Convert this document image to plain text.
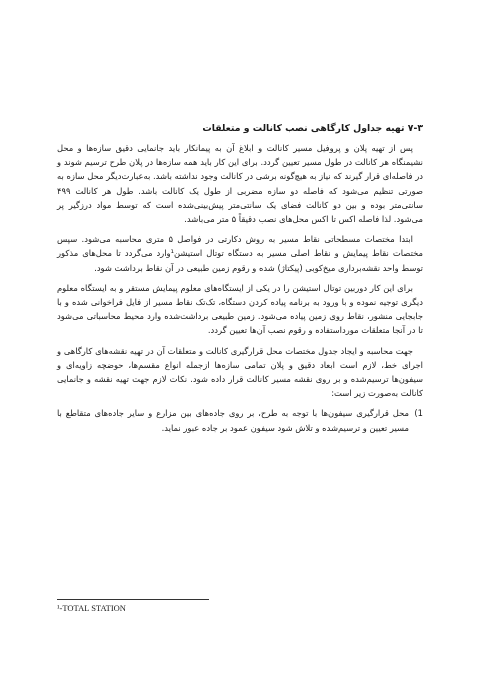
۷-۳ تهیه جداول کارگاهی نصب کانالت و متعلقات

پس از تهیه پلان و پروفیل مسیر کانالت و ابلاغ آن به پیمانکار باید جانمایی دقیق سازه‌ها و محل نشیمنگاه هر کانالت در طول مسیر تعیین گردد. برای این کار باید همه سازه‌ها در پلان طرح ترسیم شوند و در فاصله‌ای قرار گیرند که نیاز به هیچ‌گونه برشی در کانالت وجود نداشته باشد. به‌عبارت‌دیگر محل سازه به صورتی تنظیم می‌شود که فاصله دو سازه مضربی از طول یک کانالت باشد. طول هر کانالت ۴۹۹ سانتی‌متر بوده و بین دو کانالت فضای یک سانتی‌متر پیش‌بینی‌شده است که توسط مواد درزگیر پر می‌شود. لذا فاصله اکس تا اکس محل‌های نصب دقیقاً ۵ متر می‌باشد.

ابتدا مختصات مسطحاتی نقاط مسیر به روش دکارتی در فواصل ۵ متری محاسبه می‌شود. سپس مختصات نقاط پیمایش و نقاط اصلی مسیر به دستگاه توتال استیشن¹وارد می‌گردد تا محل‌های مذکور توسط واحد نقشه‌برداری میخ‌کوبی (پیکتاژ) شده و رقوم زمین طبیعی در آن نقاط برداشت شود.

برای این کار دوربین توتال استیشن را در یکی از ایستگاه‌های معلوم پیمایش مستقر و به ایستگاه معلوم دیگری توجیه نموده و با ورود به برنامه پیاده کردن دستگاه، تک‌تک نقاط مسیر از فایل فراخوانی شده و با جابجایی منشور، نقاط روی زمین پیاده می‌شود. زمین طبیعی برداشت‌شده وارد محیط محاسباتی می‌شود تا در آنجا متعلقات مورداستفاده و رقوم نصب آن‌ها تعیین گردد.

جهت محاسبه و ایجاد جدول مختصات محل قرارگیری کانالت و متعلقات آن در تهیه نقشه‌های کارگاهی و اجرای خط، لازم است ابعاد دقیق و پلان تمامی سازه‌ها ازجمله انواع مقسم‌ها، حوضچه زاویه‌ای و سیفون‌ها ترسیم‌شده و بر روی نقشه مسیر کانالت قرار داده شود. نکات لازم جهت تهیه نقشه و جانمایی کانالت به‌صورت زیر است:

1)
محل قرارگیری سیفون‌ها با توجه به طرح، بر روی جاده‌های بین مزارع و سایر جاده‌های متقاطع با مسیر تعیین و ترسیم‌شده و تلاش شود سیفون عمود بر جاده عبور نماید.

¹-TOTAL STATION
